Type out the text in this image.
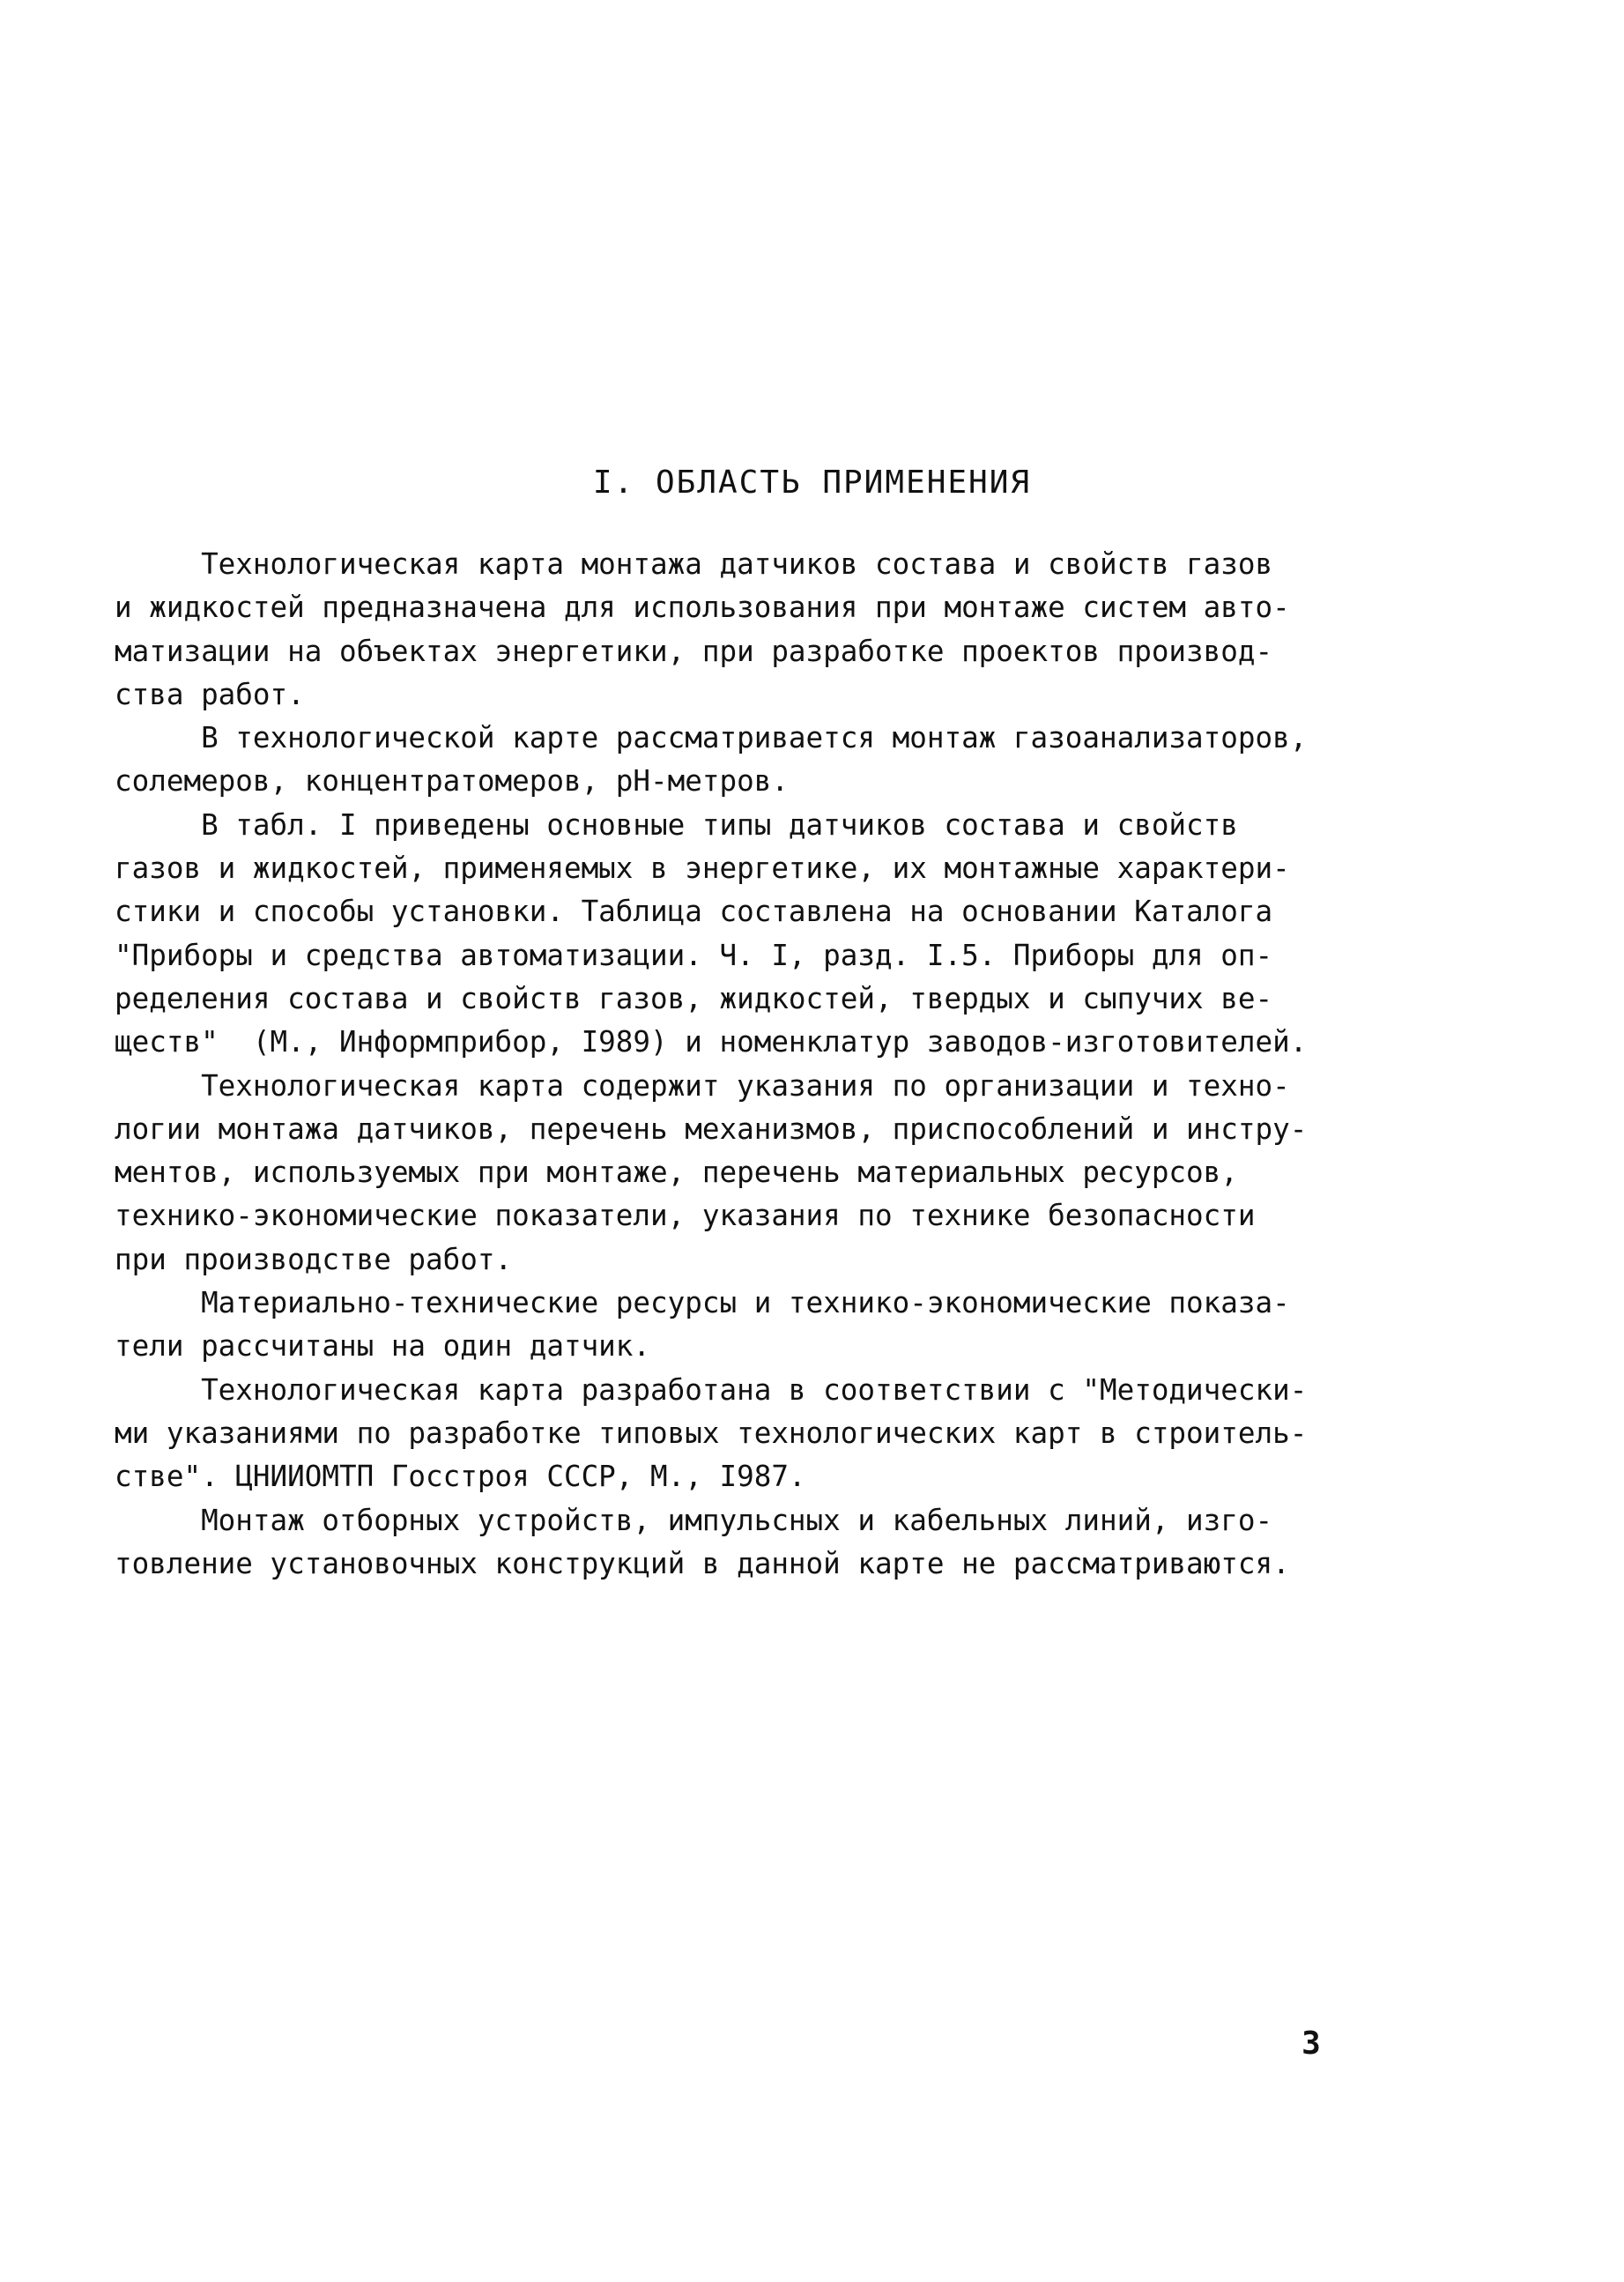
I. ОБЛАСТЬ ПРИМЕНЕНИЯ
Технологическая карта монтажа датчиков состава и свойств газов
и жидкостей предназначена для использования при монтаже систем авто-
матизации на объектах энергетики, при разработке проектов производ-
ства работ.
В технологической карте рассматривается монтаж газоанализаторов,
солемеров, концентратомеров, pH-метров.
В табл. I приведены основные типы датчиков состава и свойств
газов и жидкостей, применяемых в энергетике, их монтажные характери-
стики и способы установки. Таблица составлена на основании Каталога
"Приборы и средства автоматизации. Ч. I, разд. I.5. Приборы для оп-
ределения состава и свойств газов, жидкостей, твердых и сыпучих ве-
ществ"  (М., Информприбор, I989) и номенклатур заводов-изготовителей.
Технологическая карта содержит указания по организации и техно-
логии монтажа датчиков, перечень механизмов, приспособлений и инстру-
ментов, используемых при монтаже, перечень материальных ресурсов,
технико-экономические показатели, указания по технике безопасности
при производстве работ.
Материально-технические ресурсы и технико-экономические показа-
тели рассчитаны на один датчик.
Технологическая карта разработана в соответствии с "Методически-
ми указаниями по разработке типовых технологических карт в строитель-
стве". ЦНИИОМТП Госстроя СССР, М., I987.
Монтаж отборных устройств, импульсных и кабельных линий, изго-
товление установочных конструкций в данной карте не рассматриваются.
3
